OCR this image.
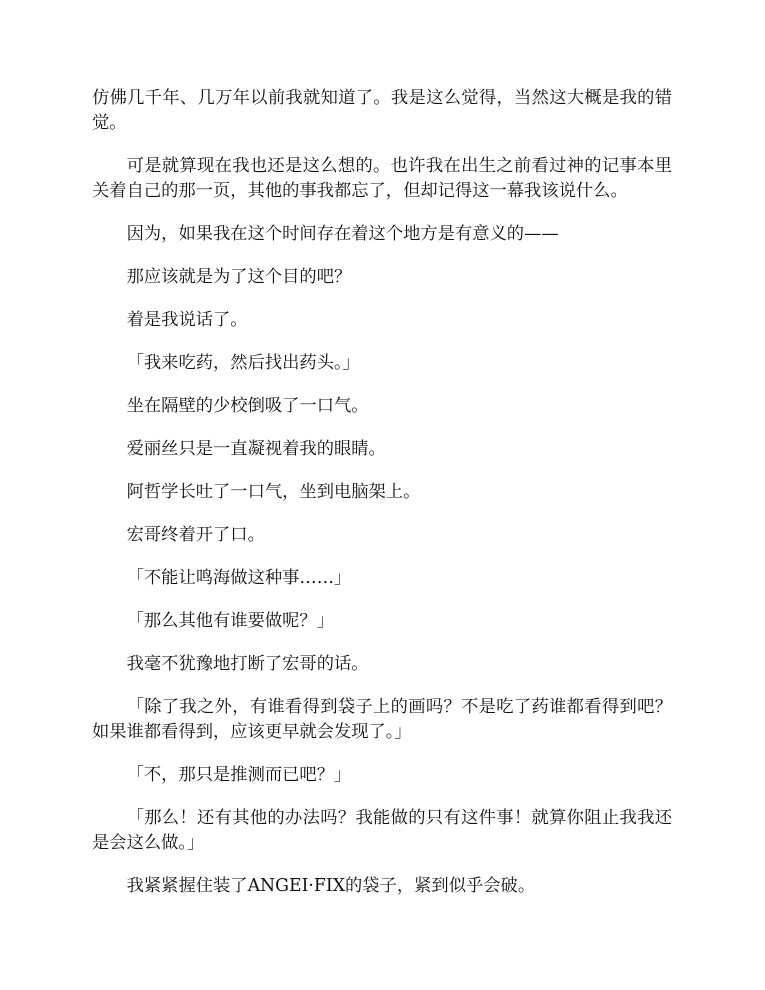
仿佛几千年、几万年以前我就知道了。我是这么觉得，当然这大概是我的错觉。

可是就算现在我也还是这么想的。也许我在出生之前看过神的记事本里关着自己的那一页，其他的事我都忘了，但却记得这一幕我该说什么。

因为，如果我在这个时间存在着这个地方是有意义的——

那应该就是为了这个目的吧？

着是我说话了。

「我来吃药，然后找出药头。」

坐在隔壁的少校倒吸了一口气。

爱丽丝只是一直凝视着我的眼睛。

阿哲学长吐了一口气，坐到电脑架上。

宏哥终着开了口。

「不能让鸣海做这种事……」

「那么其他有谁要做呢？」

我毫不犹豫地打断了宏哥的话。

「除了我之外，有谁看得到袋子上的画吗？不是吃了药谁都看得到吧？如果谁都看得到，应该更早就会发现了。」

「不，那只是推测而已吧？」

「那么！还有其他的办法吗？我能做的只有这件事！就算你阻止我我还是会这么做。」

我紧紧握住装了ANGEI·FIX的袋子，紧到似乎会破。
